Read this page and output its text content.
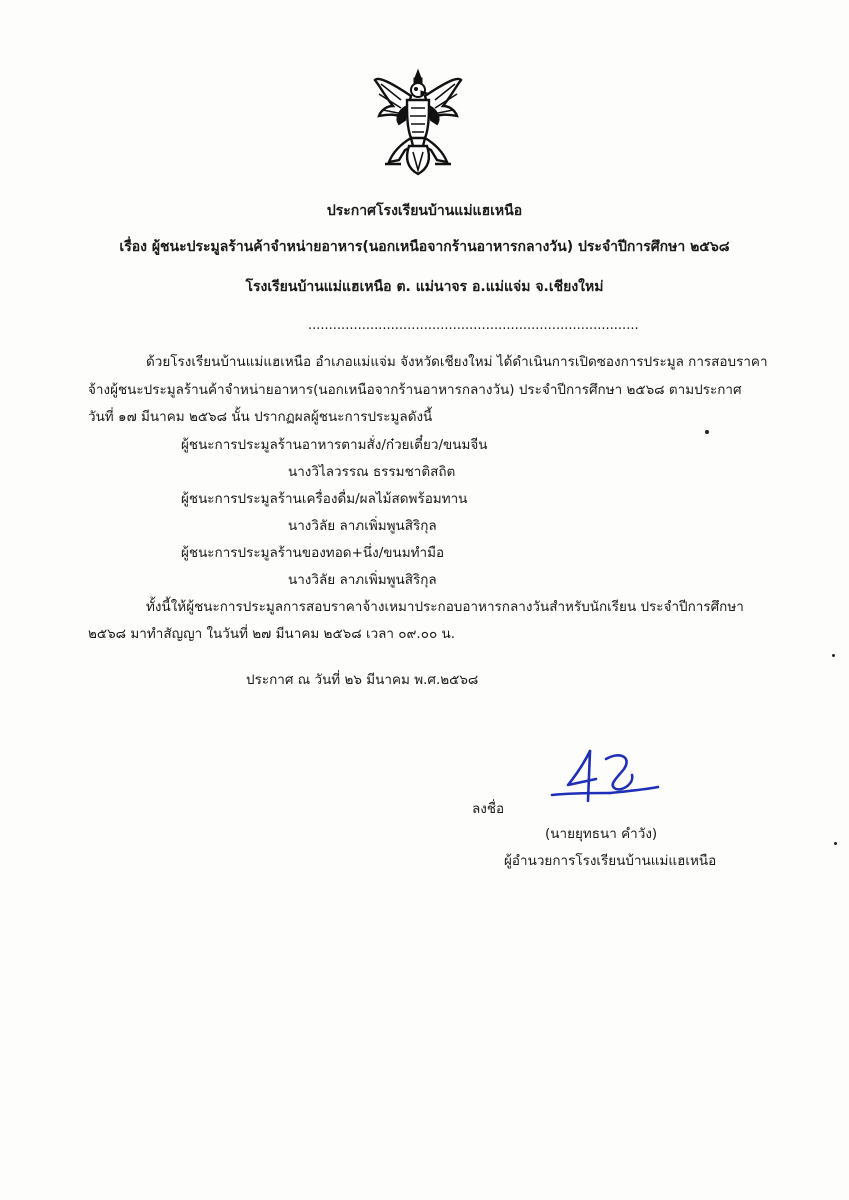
ประกาศโรงเรียนบ้านแม่แฮเหนือ
เรื่อง ผู้ชนะประมูลร้านค้าจำหน่ายอาหาร(นอกเหนือจากร้านอาหารกลางวัน) ประจำปีการศึกษา ๒๕๖๘
โรงเรียนบ้านแม่แฮเหนือ ต. แม่นาจร อ.แม่แจ่ม จ.เชียงใหม่
................................................................................
ด้วยโรงเรียนบ้านแม่แฮเหนือ อำเภอแม่แจ่ม จังหวัดเชียงใหม่ ได้ดำเนินการเปิดซองการประมูล การสอบราคา
จ้างผู้ชนะประมูลร้านค้าจำหน่ายอาหาร(นอกเหนือจากร้านอาหารกลางวัน) ประจำปีการศึกษา ๒๕๖๘ ตามประกาศ
วันที่ ๑๗ มีนาคม ๒๕๖๘ นั้น ปรากฏผลผู้ชนะการประมูลดังนี้
ผู้ชนะการประมูลร้านอาหารตามสั่ง/ก๋วยเตี๋ยว/ขนมจีน
นางวิไลวรรณ ธรรมชาติสถิต
ผู้ชนะการประมูลร้านเครื่องดื่ม/ผลไม้สดพร้อมทาน
นางวิลัย ลาภเพิ่มพูนสิริกุล
ผู้ชนะการประมูลร้านของทอด+นึ่ง/ขนมทำมือ
นางวิลัย ลาภเพิ่มพูนสิริกุล
ทั้งนี้ให้ผู้ชนะการประมูลการสอบราคาจ้างเหมาประกอบอาหารกลางวันสำหรับนักเรียน ประจำปีการศึกษา
๒๕๖๘ มาทำสัญญา ในวันที่ ๒๗ มีนาคม ๒๕๖๘ เวลา ๐๙.๐๐ น.
ประกาศ ณ วันที่ ๒๖ มีนาคม พ.ศ.๒๕๖๘
ลงชื่อ
(นายยุทธนา คำวัง)
ผู้อำนวยการโรงเรียนบ้านแม่แฮเหนือ
